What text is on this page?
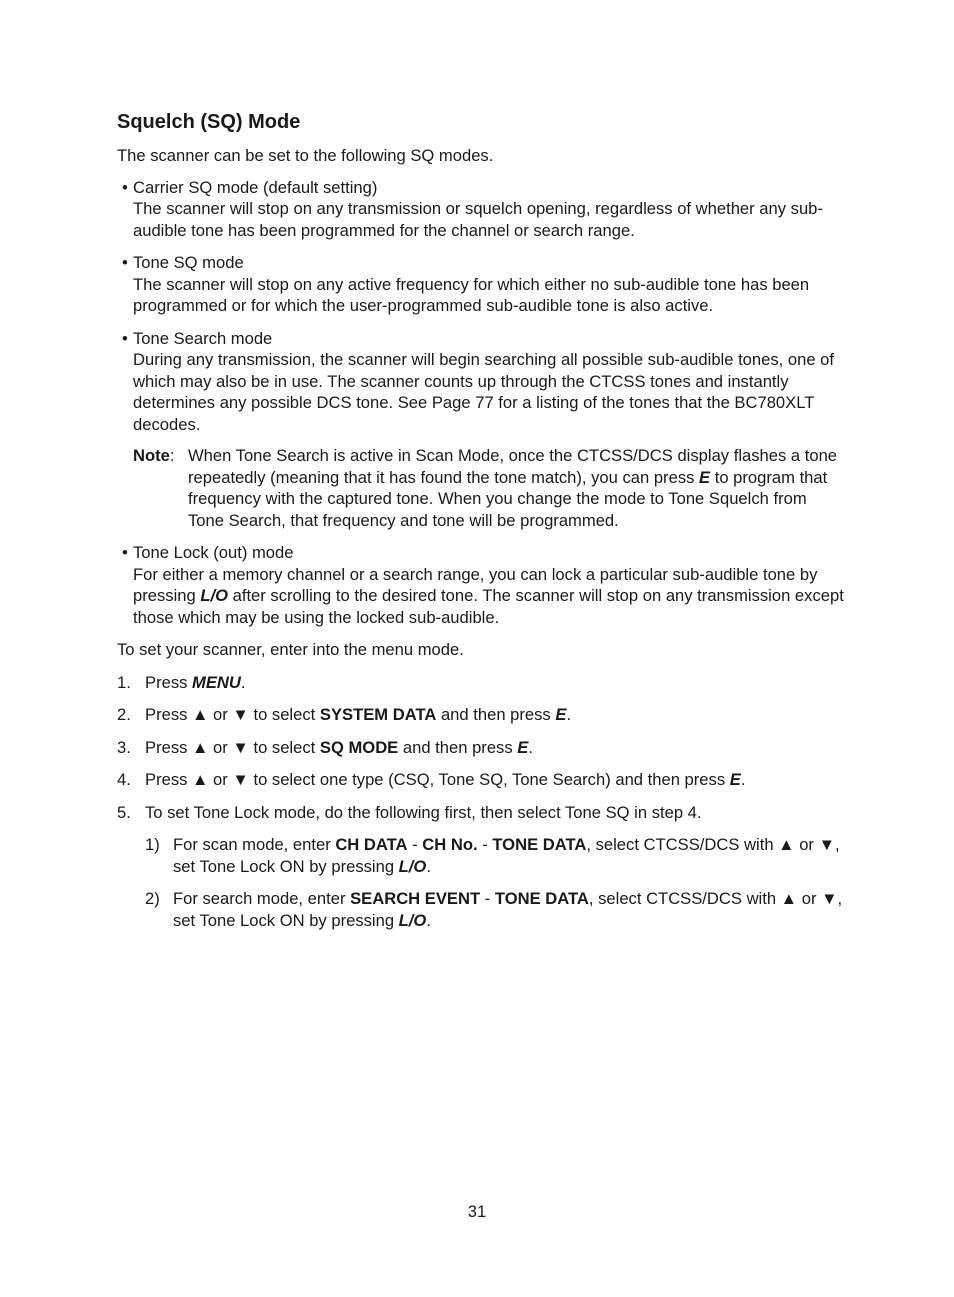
Squelch (SQ) Mode

The scanner can be set to the following SQ modes.

• Carrier SQ mode (default setting)

The scanner will stop on any transmission or squelch opening, regardless of whether any sub-audible tone has been programmed for the channel or search range.

• Tone SQ mode

The scanner will stop on any active frequency for which either no sub-audible tone has been programmed or for which the user-programmed sub-audible tone is also active.

• Tone Search mode

During any transmission, the scanner will begin searching all possible sub-audible tones, one of which may also be in use. The scanner counts up through the CTCSS tones and instantly determines any possible DCS tone. See Page 77 for a listing of the tones that the BC780XLT decodes.

Note: When Tone Search is active in Scan Mode, once the CTCSS/DCS display flashes a tone repeatedly (meaning that it has found the tone match), you can press E to program that frequency with the captured tone. When you change the mode to Tone Squelch from Tone Search, that frequency and tone will be programmed.
• Tone Lock (out) mode

For either a memory channel or a search range, you can lock a particular sub-audible tone by pressing L/O after scrolling to the desired tone. The scanner will stop on any transmission except those which may be using the locked sub-audible.

To set your scanner, enter into the menu mode.

1. Press MENU.
2. Press ▲ or ▼ to select SYSTEM DATA and then press E.
3. Press ▲ or ▼ to select SQ MODE and then press E.
4. Press ▲ or ▼ to select one type (CSQ, Tone SQ, Tone Search) and then press E.
5. To set Tone Lock mode, do the following first, then select Tone SQ in step 4.
1) For scan mode, enter CH DATA - CH No. - TONE DATA, select CTCSS/DCS with ▲ or ▼, set Tone Lock ON by pressing L/O.
2) For search mode, enter SEARCH EVENT - TONE DATA, select CTCSS/DCS with ▲ or ▼, set Tone Lock ON by pressing L/O.
31
